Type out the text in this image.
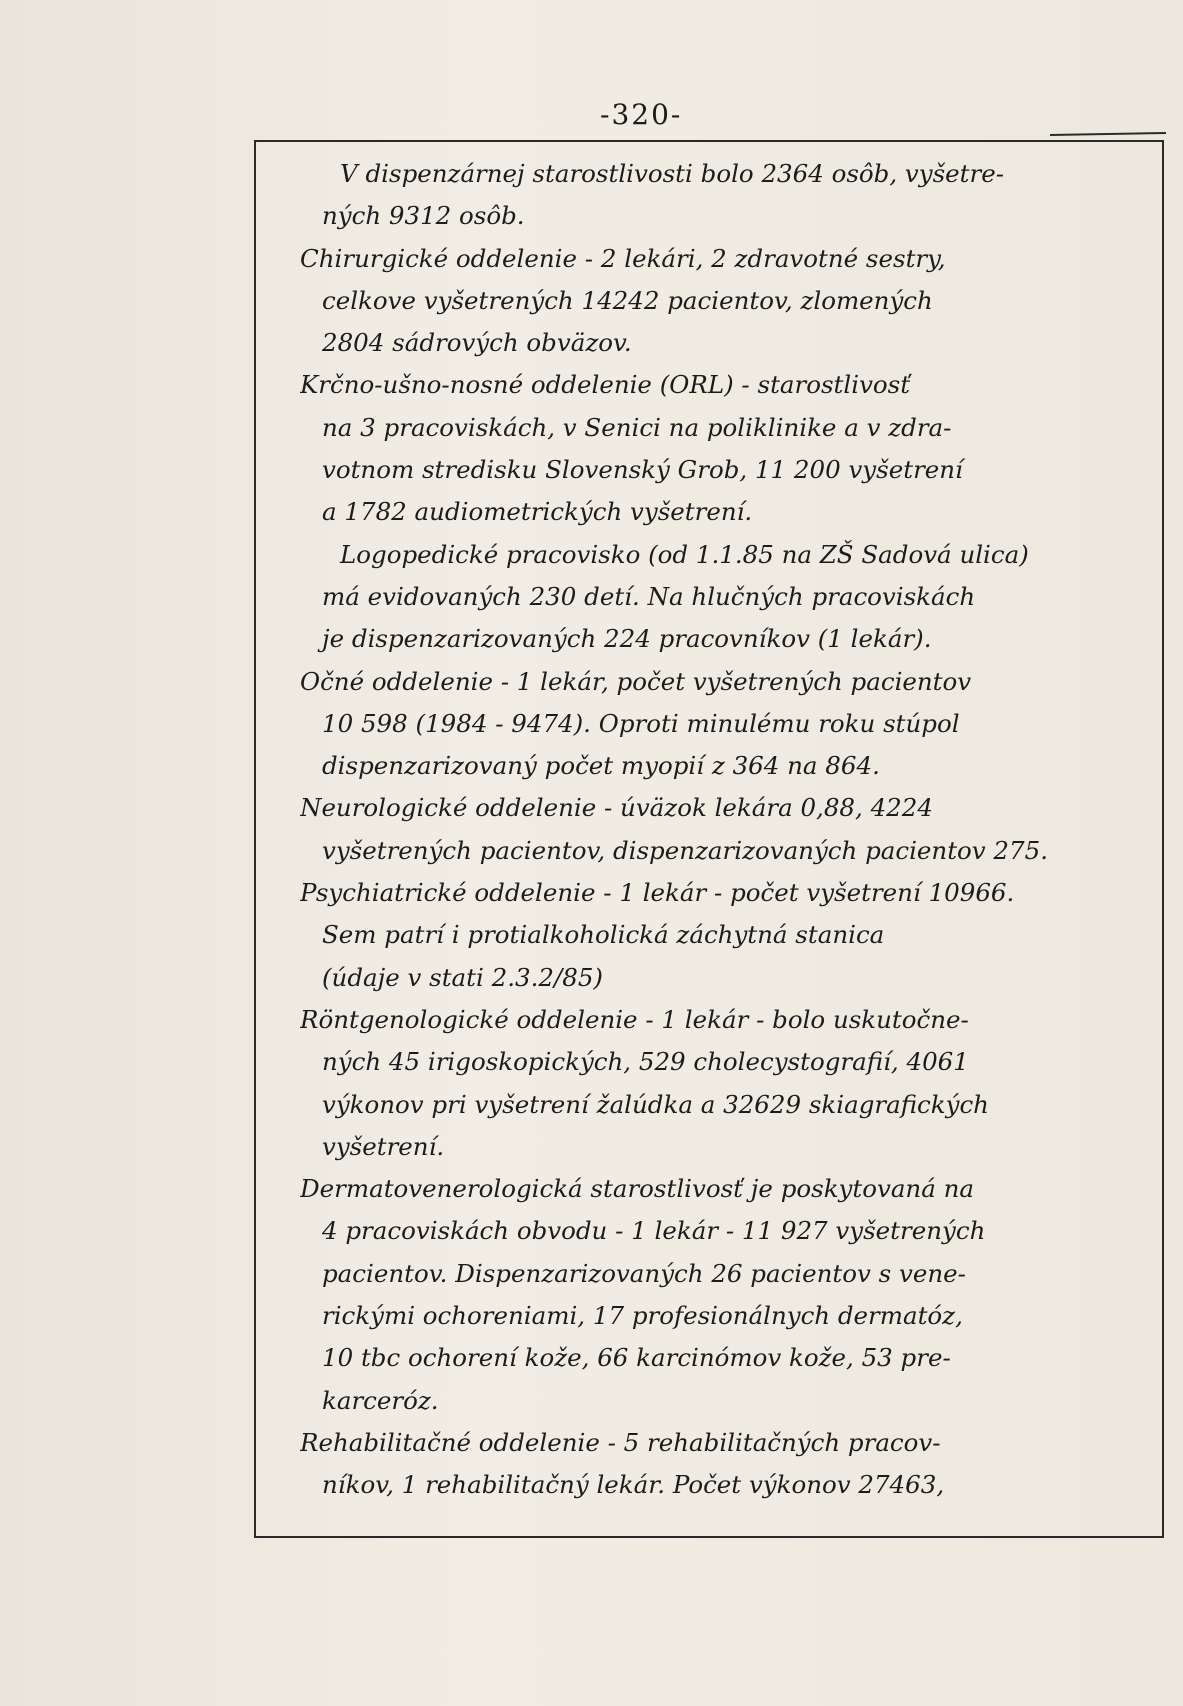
-320-
V dispenzárnej starostlivosti bolo 2364 osôb, vyšetre-
ných 9312 osôb.
• Chirurgické oddelenie - 2 lekári, 2 zdravotné sestry,
celkove vyšetrených 14242 pacientov, zlomených
2804 sádrových obväzov.
• Krčno-ušno-nosné oddelenie (ORL) - starostlivosť
na 3 pracoviskách, v Senici na poliklinike a v zdra-
votnom stredisku Slovenský Grob, 11 200 vyšetrení
a 1782 audiometrických vyšetrení.
Logopedické pracovisko (od 1.1.85 na ZŠ Sadová ulica)
má evidovaných 230 detí. Na hlučných pracoviskách
je dispenzarizovaných 224 pracovníkov (1 lekár).
• Očné oddelenie - 1 lekár, počet vyšetrených pacientov
10 598 (1984 - 9474). Oproti minulému roku stúpol
dispenzarizovaný počet myopií z 364 na 864.
• Neurologické oddelenie - úväzok lekára 0,88, 4224
vyšetrených pacientov, dispenzarizovaných pacientov 275.
• Psychiatrické oddelenie - 1 lekár - počet vyšetrení 10966.
Sem patrí i protialkoholická záchytná stanica
(údaje v stati 2.3.2/85)
• Röntgenologické oddelenie - 1 lekár - bolo uskutočne-
ných 45 irigoskopických, 529 cholecystografií, 4061
výkonov pri vyšetrení žalúdka a 32629 skiagrafických
vyšetrení.
• Dermatovenerologická starostlivosť je poskytovaná na
4 pracoviskách obvodu - 1 lekár - 11 927 vyšetrených
pacientov. Dispenzarizovaných 26 pacientov s vene-
rickými ochoreniami, 17 profesionálnych dermatóz,
10 tbc ochorení kože, 66 karcinómov kože, 53 pre-
karceróz.
• Rehabilitačné oddelenie - 5 rehabilitačných pracov-
níkov, 1 rehabilitačný lekár. Počet výkonov 27463,
